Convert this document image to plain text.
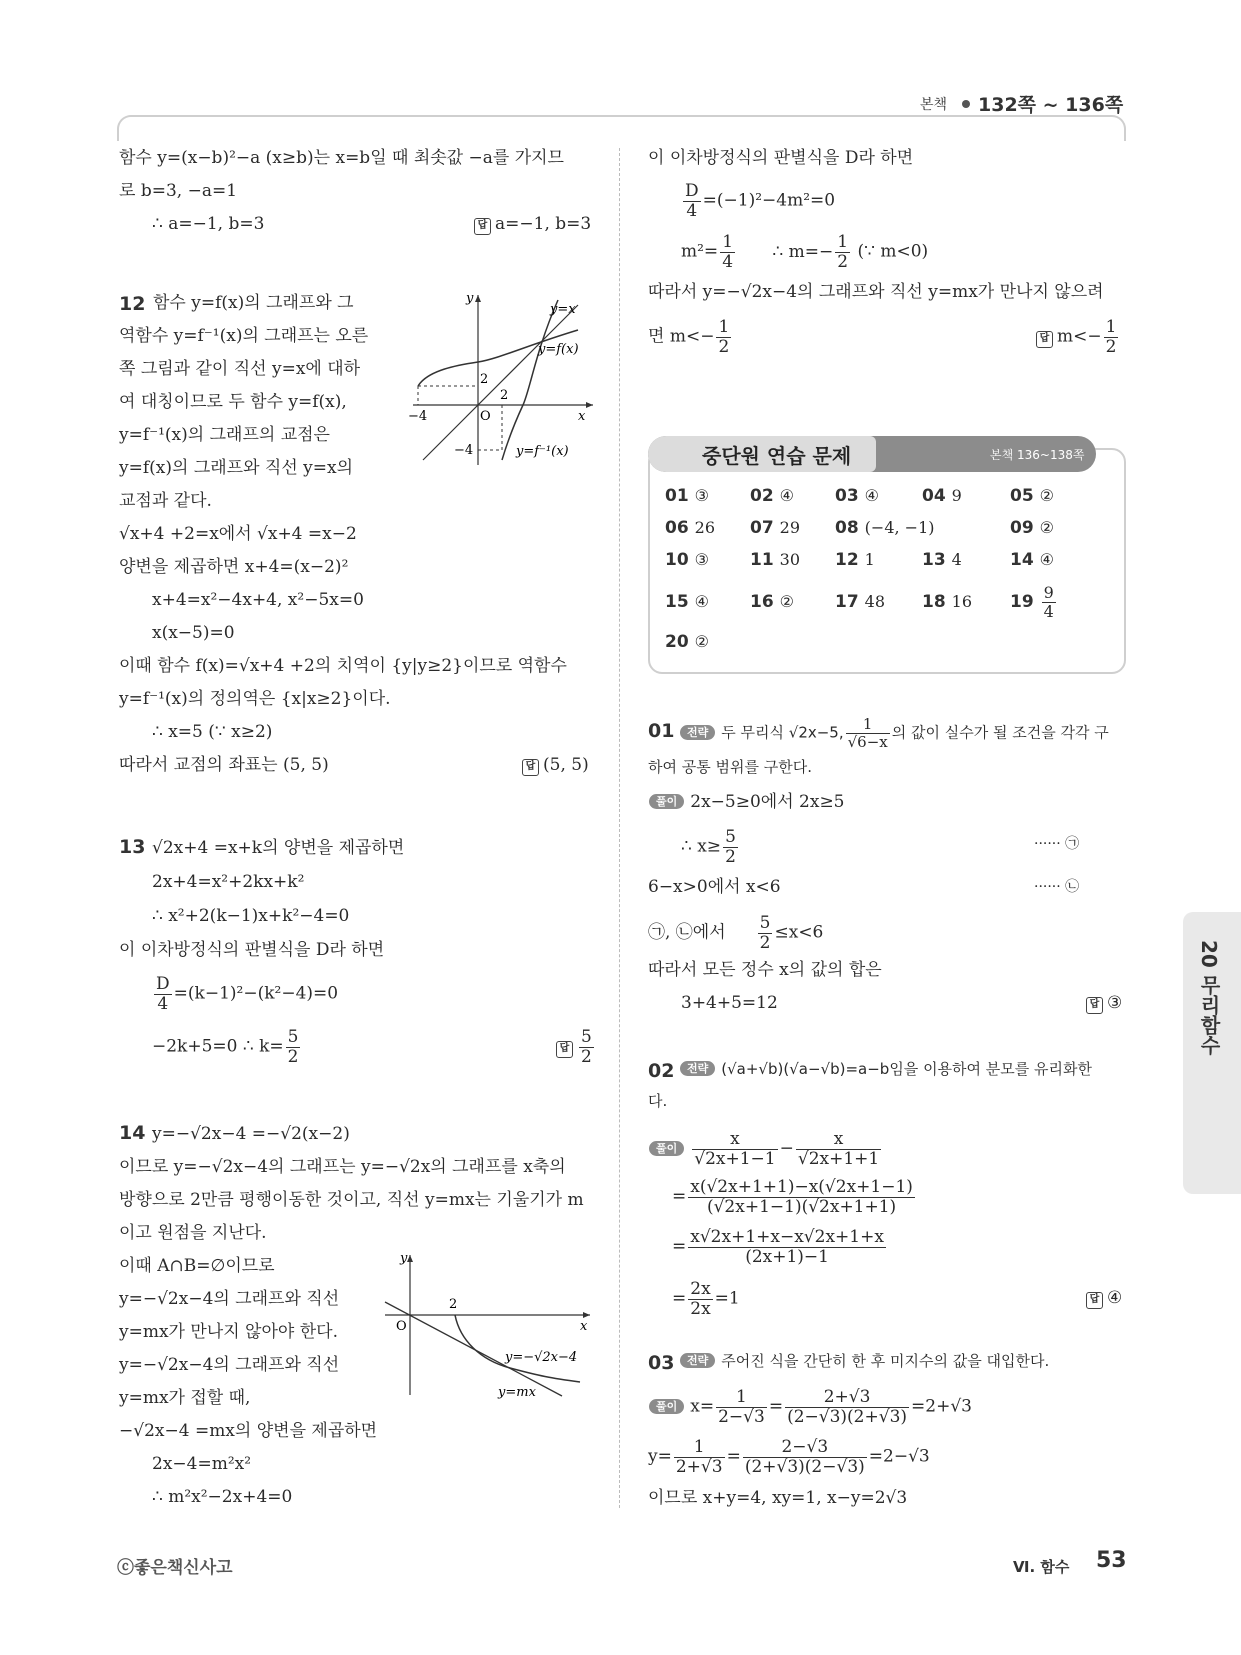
본책 132쪽 ~ 136쪽
함수 y=(x−b)²−a (x≥b)는 x=b일 때 최솟값 −a를 가지므
로 b=3, −a=1
∴ a=−1, b=3	답 a=−1, b=3
12 함수 y=f(x)의 그래프와 그
역함수 y=f⁻¹(x)의 그래프는 오른
쪽 그림과 같이 직선 y=x에 대하
여 대칭이므로 두 함수 y=f(x),
y=f⁻¹(x)의 그래프의 교점은
y=f(x)의 그래프와 직선 y=x의
교점과 같다.
y
x
O
y=x
y=f(x)
y=f⁻¹(x)
−4
2
2
−4
√x+4 +2=x에서 √x+4 =x−2
양변을 제곱하면 x+4=(x−2)²
x+4=x²−4x+4, x²−5x=0
x(x−5)=0
이때 함수 f(x)=√x+4 +2의 치역이 {y|y≥2}이므로 역함수
y=f⁻¹(x)의 정의역은 {x|x≥2}이다.
∴ x=5 (∵ x≥2)
따라서 교점의 좌표는 (5, 5)	답 (5, 5)
13 √2x+4 =x+k의 양변을 제곱하면
2x+4=x²+2kx+k²
∴ x²+2(k−1)x+k²−4=0
이 이차방정식의 판별식을 D라 하면
$\frac{D}{4} =(k-1)^2-(k^2-4)=0$
−2k+5=0 ∴ $k= \frac{5}{2}$	답 $\frac{5}{2}$
14 y=−√2x−4 =−√2(x−2)
이므로 y=−√2x−4의 그래프는 y=−√2x의 그래프를 x축의
방향으로 2만큼 평행이동한 것이고, 직선 y=mx는 기울기가 m
이고 원점을 지난다.
이때 A∩B=∅이므로
y=−√2x−4의 그래프와 직선
y=mx가 만나지 않아야 한다.
y=−√2x−4의 그래프와 직선
y=mx가 접할 때,
−√2x−4 =mx의 양변을 제곱하면
2x−4=m²x²
∴ m²x²−2x+4=0
y
x
O
2
y=−√2x−4
y=mx
이 이차방정식의 판별식을 D라 하면
$\frac{D}{4} =(-1)^2-4m^2=0$
$m^2= \frac{1}{4}$ ∴ $m=- \frac{1}{2}$ (∵ m<0)
따라서 y=−√2x−4의 그래프와 직선 y=mx가 만나지 않으려
면 $m<- \frac{1}{2}$	답 $m<- \frac{1}{2}$
중단원 연습 문제	본책 136~138쪽
01 ③ 02 ④ 03 ④	04 9	05 ②
06 26 07 29 08 (−4, −1)	09 ②
10 ③ 11 30 12 1	13 4	14 ④
15 ④ 16 ② 17 48 18 16 $19 \frac{9}{4}$
20 ②
01	전략 두 무리식 √2x−5, $\frac{1}{√6-x}$ 의 값이 실수가 될 조건을 각각 구
하여 공통 범위를 구한다.
풀이 2x−5≥0에서 2x≥5
∴ $x\ge \frac{5}{2}$	······ ㉠
6−x>0에서 x<6	······ ㉡
㉠, ㉡에서 $\frac{5}{2} \le x<6$
따라서 모든 정수 x의 값의 합은
3+4+5=12	답 ③
02	전략 (√a+√b)(√a−√b)=a−b임을 이용하여 분모를 유리화한
다.
풀이 $\frac{x}{√2x+1-1} - \frac{x}{√2x+1+1}$
= $\frac{x(√2x+1+1)-x(√2x+1-1)}{(√2x+1-1)(√2x+1+1)}$
= $\frac{x√2x+1+x-x√2x+1+x}{(2x+1)-1}$
= $\frac{2x}{2x} =1$	답 ④
03	전략 주어진 식을 간단히 한 후 미지수의 값을 대입한다.
풀이 $x= \frac{1}{2-√3} = \frac{2+√3}{(2-√3)(2+√3)} =2+√3$
$y= \frac{1}{2+√3} = \frac{2-√3}{(2+√3)(2-√3)} =2-√3$
이므로 x+y=4, xy=1, x−y=2√3
20 무리함수
ⓒ좋은책신사고	Ⅵ. 함수 53
